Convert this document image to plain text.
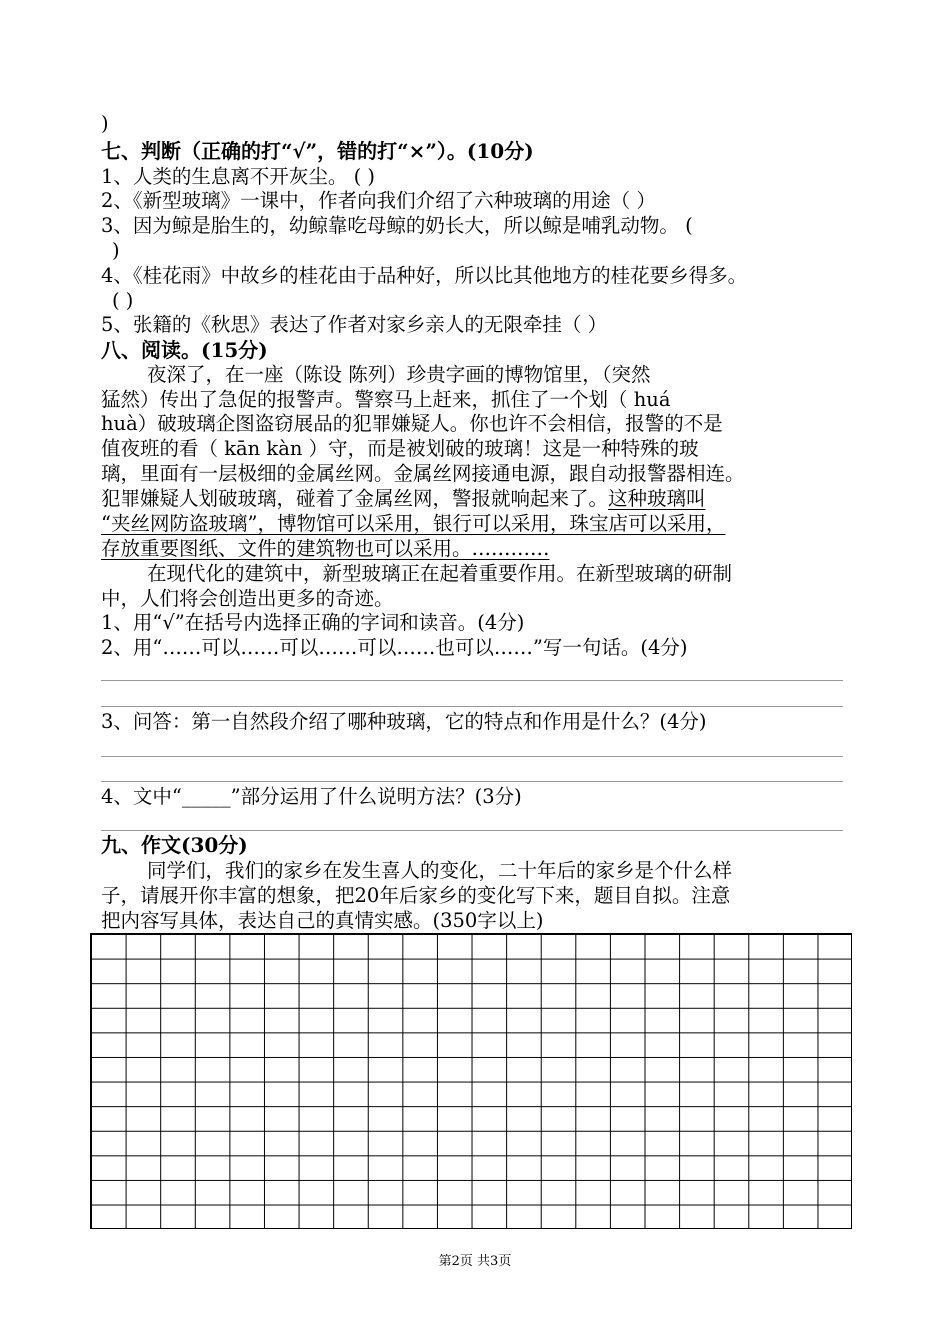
)
七、判断（正确的打“√”，错的打“×”）。(10分)
1、人类的生息离不开灰尘。 ( )
2、《新型玻璃》一课中，作者向我们介绍了六种玻璃的用途（ ）
3、因为鲸是胎生的，幼鲸靠吃母鲸的奶长大，所以鲸是哺乳动物。 (
)
4、《桂花雨》中故乡的桂花由于品种好，所以比其他地方的桂花要乡得多。
( )
5、张籍的《秋思》表达了作者对家乡亲人的无限牵挂（ ）
八、阅读。(15分)
夜深了，在一座（陈设 陈列）珍贵字画的博物馆里，（突然
猛然）传出了急促的报警声。警察马上赶来，抓住了一个划（ huá
huà）破玻璃企图盗窃展品的犯罪嫌疑人。你也许不会相信，报警的不是
值夜班的看（ kān kàn ）守，而是被划破的玻璃！这是一种特殊的玻
璃，里面有一层极细的金属丝网。金属丝网接通电源，跟自动报警器相连。
犯罪嫌疑人划破玻璃，碰着了金属丝网，警报就响起来了。这种玻璃叫
“夹丝网防盗玻璃”，博物馆可以采用，银行可以采用，珠宝店可以采用，
存放重要图纸、文件的建筑物也可以采用。…………
在现代化的建筑中，新型玻璃正在起着重要作用。在新型玻璃的研制
中，人们将会创造出更多的奇迹。
1、用“√”在括号内选择正确的字词和读音。(4分)
2、用“……可以……可以……可以……也可以……”写一句话。(4分)
3、问答：第一自然段介绍了哪种玻璃，它的特点和作用是什么？(4分)
4、文中“_____”部分运用了什么说明方法？(3分)
九、作文(30分)
同学们，我们的家乡在发生喜人的变化，二十年后的家乡是个什么样
子，请展开你丰富的想象，把20年后家乡的变化写下来，题目自拟。注意
把内容写具体，表达自己的真情实感。(350字以上)
第2页 共3页
